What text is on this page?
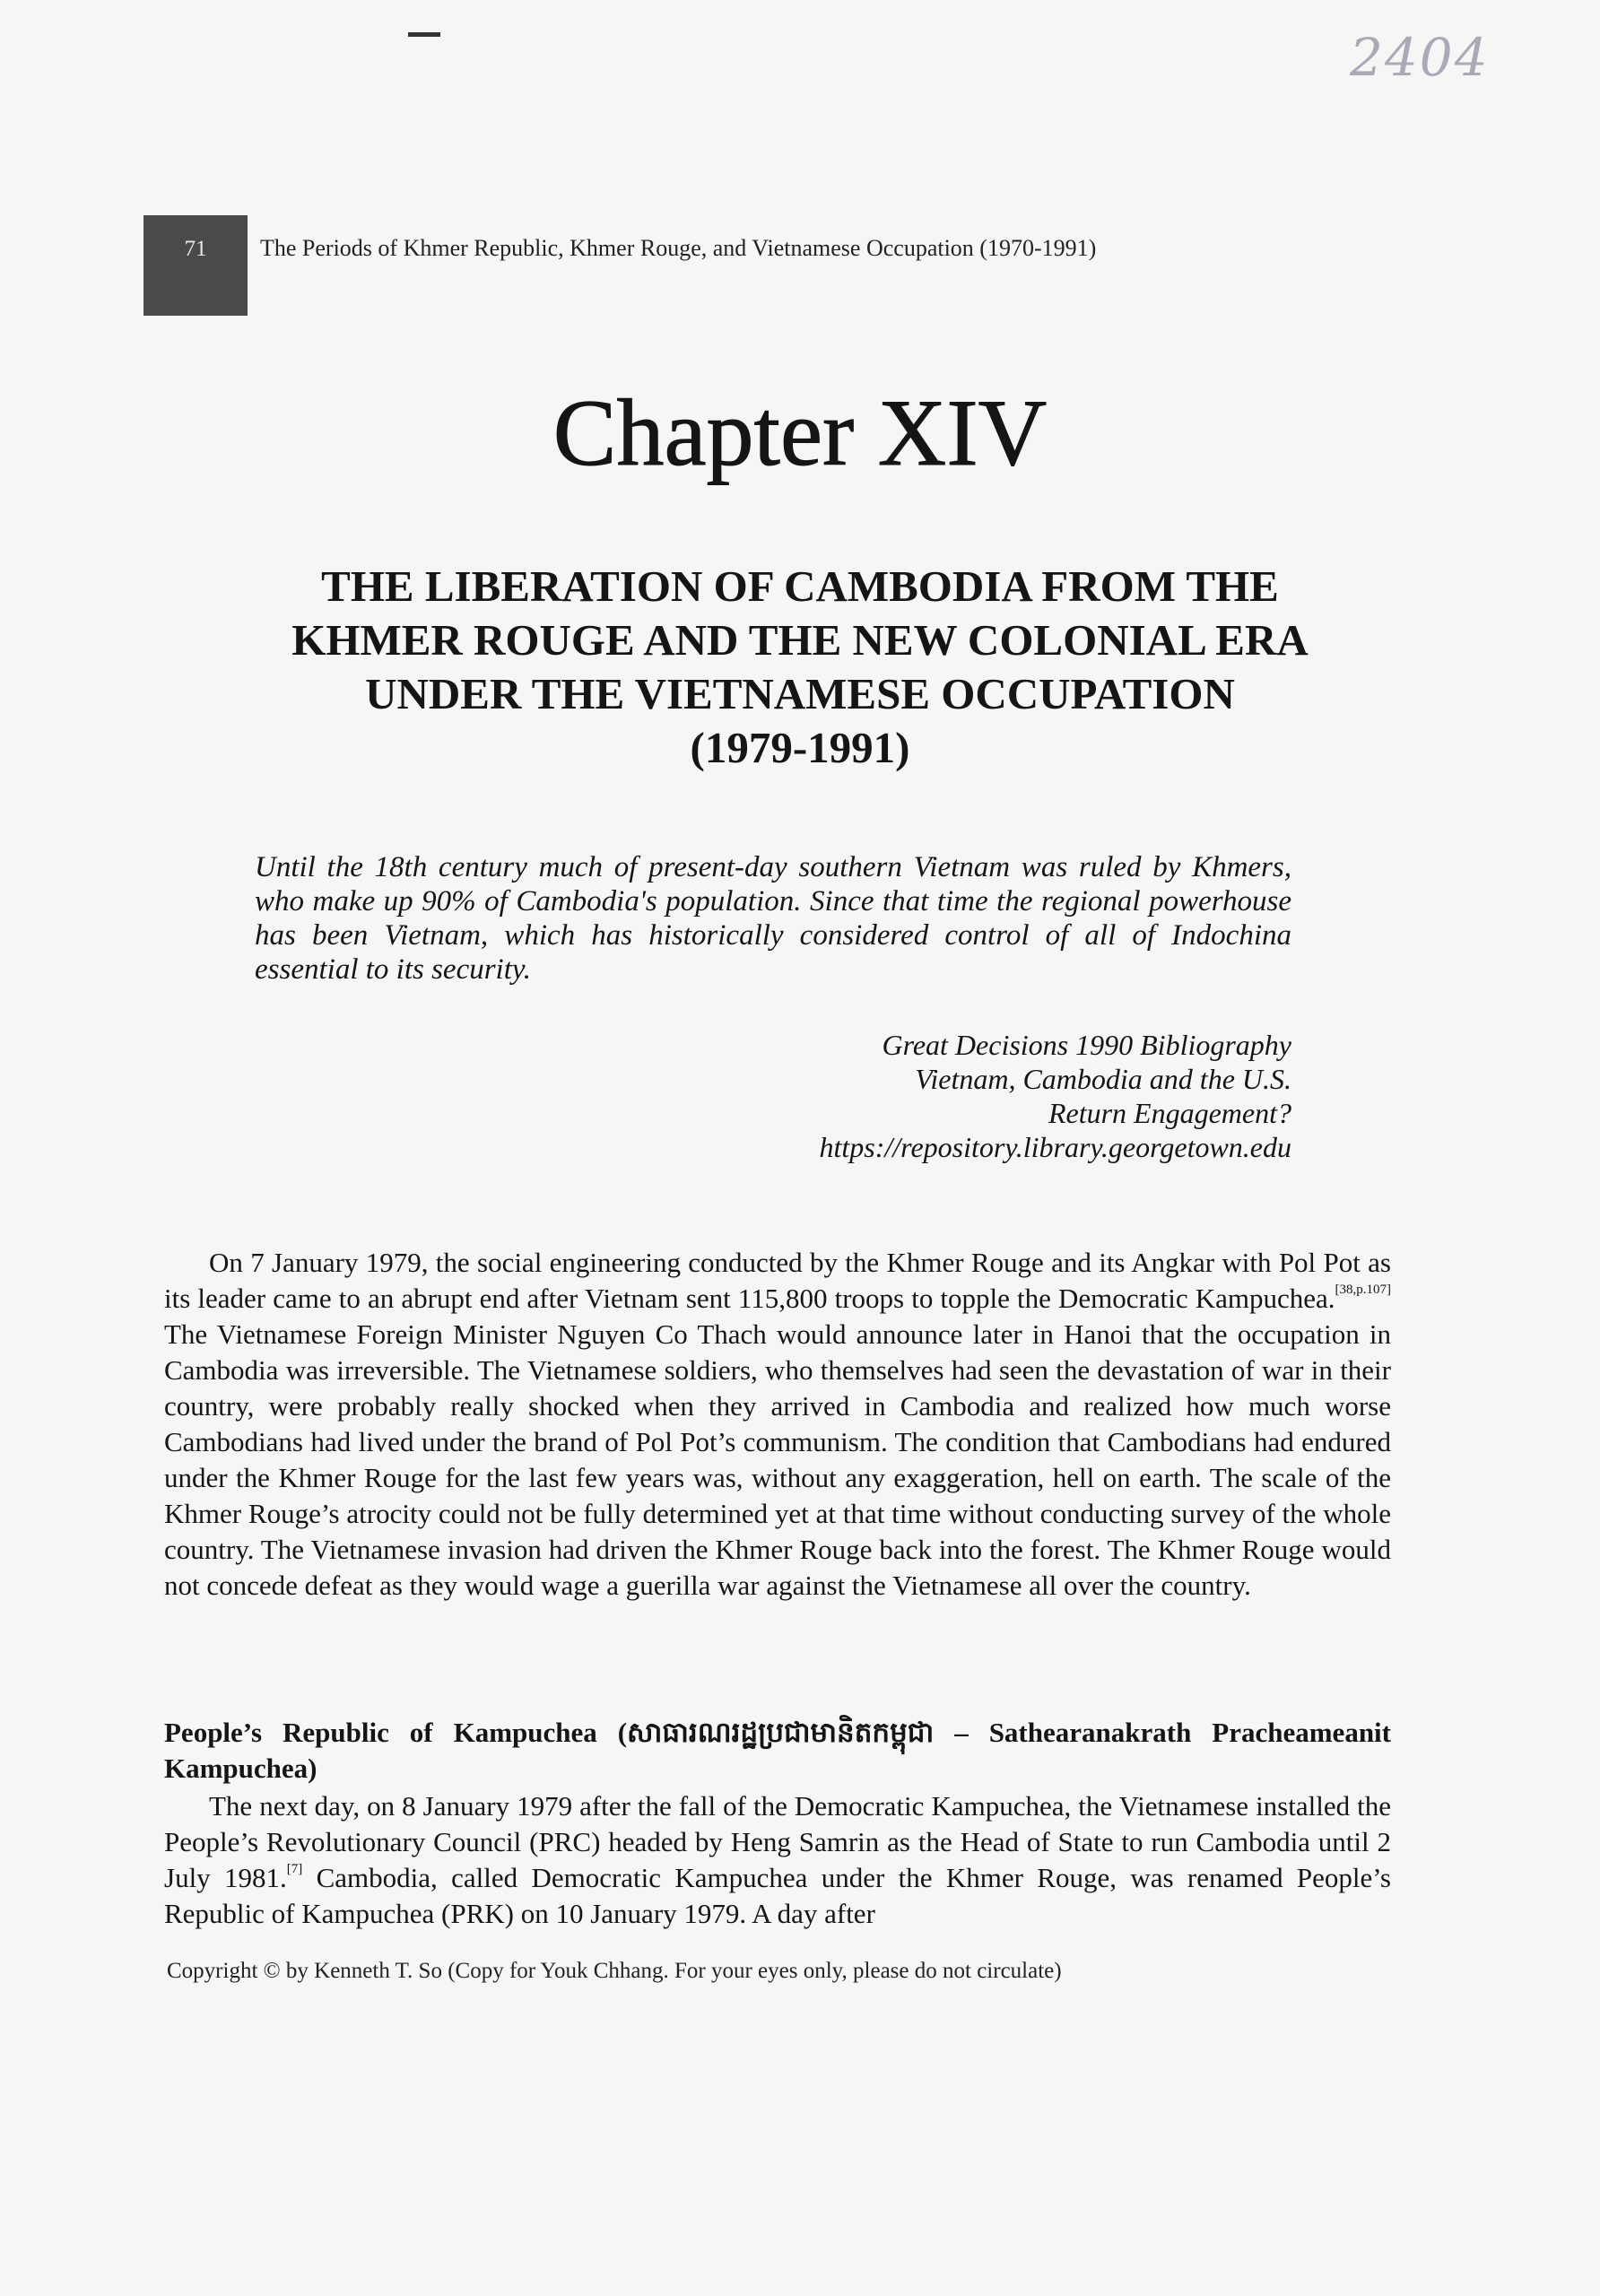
2404
71 The Periods of Khmer Republic, Khmer Rouge, and Vietnamese Occupation (1970-1991)
Chapter XIV
THE LIBERATION OF CAMBODIA FROM THE
KHMER ROUGE AND THE NEW COLONIAL ERA
UNDER THE VIETNAMESE OCCUPATION
(1979-1991)
Until the 18th century much of present-day southern Vietnam was ruled by Khmers, who make up 90% of Cambodia's population. Since that time the regional powerhouse has been Vietnam, which has historically considered control of all of Indochina essential to its security.
Great Decisions 1990 Bibliography
Vietnam, Cambodia and the U.S.
Return Engagement?
https://repository.library.georgetown.edu

On 7 January 1979, the social engineering conducted by the Khmer Rouge and its Angkar with Pol Pot as its leader came to an abrupt end after Vietnam sent 115,800 troops to topple the Democratic Kampuchea.[38,p.107] The Vietnamese Foreign Minister Nguyen Co Thach would announce later in Hanoi that the occupation in Cambodia was irreversible. The Vietnamese soldiers, who themselves had seen the devastation of war in their country, were probably really shocked when they arrived in Cambodia and realized how much worse Cambodians had lived under the brand of Pol Pot’s communism. The condition that Cambodians had endured under the Khmer Rouge for the last few years was, without any exaggeration, hell on earth. The scale of the Khmer Rouge’s atrocity could not be fully determined yet at that time without conducting survey of the whole country. The Vietnamese invasion had driven the Khmer Rouge back into the forest. The Khmer Rouge would not concede defeat as they would wage a guerilla war against the Vietnamese all over the country.

People’s Republic of Kampuchea (សាធារណរដ្ឋប្រជាមានិតកម្ពុជា – Sathearanakrath Pracheameanit Kampuchea)

The next day, on 8 January 1979 after the fall of the Democratic Kampuchea, the Vietnamese installed the People’s Revolutionary Council (PRC) headed by Heng Samrin as the Head of State to run Cambodia until 2 July 1981.[7] Cambodia, called Democratic Kampuchea under the Khmer Rouge, was renamed People’s Republic of Kampuchea (PRK) on 10 January 1979. A day after

Copyright © by Kenneth T. So (Copy for Youk Chhang. For your eyes only, please do not circulate)
